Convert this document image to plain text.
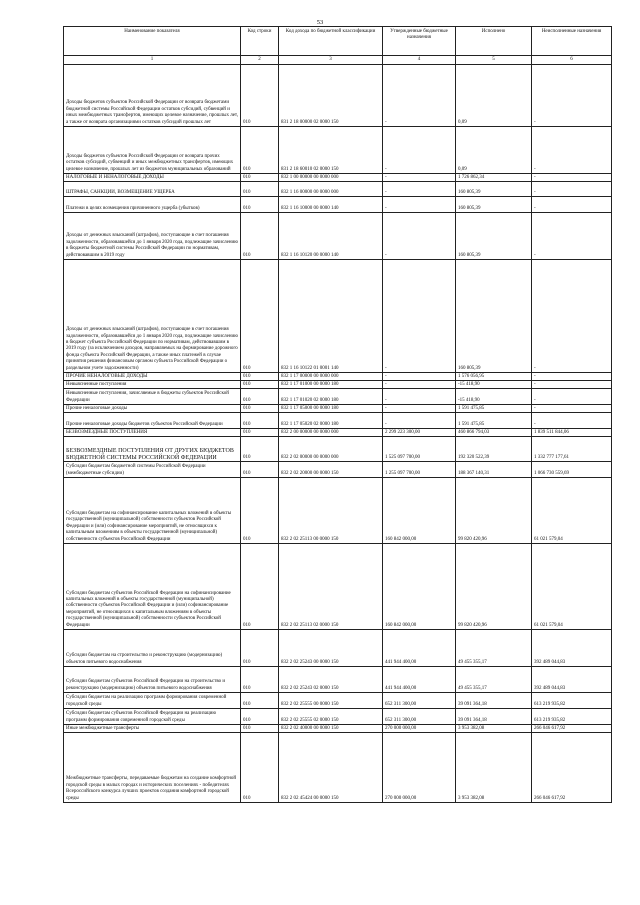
53
Наименование показателя	Код строки	Код дохода по бюджетной классификации	Утвержденные бюджетные назначения	Исполнено	Неисполненные назначения
1	2	3	4	5	6

Доходы бюджетов субъектов Российской Федерации от возврата бюджетами бюджетной системы Российской Федерации остатков субсидий, субвенций и иных межбюджетных трансфертов, имеющих целевое назначение, прошлых лет, а также от возврата организациями остатков субсидий прошлых лет	010	831 2 18 00000 02 0000 150	-	0,09	-

Доходы бюджетов субъектов Российской Федерации от возврата прочих остатков субсидий, субвенций и иных межбюджетных трансфертов, имеющих целевое назначение, прошлых лет из бюджетов муниципальных образований	010	831 2 18 60010 02 0000 150	-	0,09	-

НАЛОГОВЫЕ И НЕНАЛОГОВЫЕ ДОХОДЫ	010	832 1 00 00000 00 0000 000	-	1 726 862,34	-

ШТРАФЫ, САНКЦИИ, ВОЗМЕЩЕНИЕ УЩЕРБА	010	832 1 16 00000 00 0000 000	-	160 805,39	-

Платежи в целях возмещения причиненного ущерба (убытков)	010	832 1 16 10000 00 0000 140	-	160 805,39	-

Доходы от денежных взысканий (штрафов), поступающие в счет погашения задолженности, образовавшейся до 1 января 2020 года, подлежащие зачислению в бюджеты бюджетной системы Российской Федерации по нормативам, действовавшим в 2019 году	010	832 1 16 10120 00 0000 140	-	160 805,39	-

Доходы от денежных взысканий (штрафов), поступающие в счет погашения задолженности, образовавшейся до 1 января 2020 года, подлежащие зачислению в бюджет субъекта Российской Федерации по нормативам, действовавшим в 2019 году (за исключением доходов, направляемых на формирование дорожного фонда субъекта Российской Федерации, а также иных платежей в случае принятия решения финансовым органом субъекта Российской Федерации о раздельном учете задолженности)	010	832 1 16 10122 01 0001 140	-	160 805,39	-

ПРОЧИЕ НЕНАЛОГОВЫЕ ДОХОДЫ	010	832 1 17 00000 00 0000 000	-	1 576 056,95	-

Невыясненные поступления	010	832 1 17 01000 00 0000 180	-	-15 418,90	-

Невыясненные поступления, зачисляемые в бюджеты субъектов Российской Федерации	010	832 1 17 01020 02 0000 180	-	-15 418,90	-

Прочие неналоговые доходы	010	832 1 17 05000 00 0000 180	-	1 591 475,85	-

Прочие неналоговые доходы бюджетов субъектов Российской Федерации	010	832 1 17 05020 02 0000 180	-	1 591 475,85	-

БЕЗВОЗМЕЗДНЫЕ ПОСТУПЛЕНИЯ	010	832 2 00 00000 00 0000 000	2 299 223 300,00	460 866 794,03	1 839 511 844,06

БЕЗВОЗМЕЗДНЫЕ ПОСТУПЛЕНИЯ ОТ ДРУГИХ БЮДЖЕТОВ БЮДЖЕТНОЙ СИСТЕМЫ РОССИЙСКОЙ ФЕДЕРАЦИИ	010	832 2 02 00000 00 0000 000	1 525 097 700,00	192 320 522,39	1 332 777 177,61

Субсидии бюджетам бюджетной системы Российской Федерации (межбюджетные субсидии)	010	832 2 02 20000 00 0000 150	1 255 097 700,00	188 367 140,31	1 066 730 559,69

Субсидии бюджетам на софинансирование капитальных вложений в объекты государственной (муниципальной) собственности субъектов Российской Федерации и (или) софинансирование мероприятий, не относящихся к капитальным вложениям в объекты государственной (муниципальной) собственности субъектов Российской Федерации	010	832 2 02 25113 00 0000 150	160 842 000,00	99 820 420,96	61 021 579,04

Субсидии бюджетам субъектов Российской Федерации на софинансирование капитальных вложений в объекты государственной (муниципальной) собственности субъектов Российской Федерации и (или) софинансирование мероприятий, не относящихся к капитальным вложениям в объекты государственной (муниципальной) собственности субъектов Российской Федерации	010	832 2 02 25113 02 0000 150	160 842 000,00	99 820 420,96	61 021 579,04

Субсидии бюджетам на строительство и реконструкцию (модернизацию) объектов питьевого водоснабжения	010	832 2 02 25243 00 0000 150	441 944 400,00	49 455 355,17	392 489 044,83

Субсидии бюджетам субъектов Российской Федерации на строительство и реконструкцию (модернизацию) объектов питьевого водоснабжения	010	832 2 02 25243 02 0000 150	441 944 400,00	49 455 355,17	392 489 044,83

Субсидии бюджетам на реализацию программ формирования современной городской среды	010	832 2 02 25555 00 0000 150	652 311 300,00	39 091 364,18	613 219 935,82

Субсидии бюджетам субъектов Российской Федерации на реализацию программ формирования современной городской среды	010	832 2 02 25555 02 0000 150	652 311 300,00	39 091 364,18	613 219 935,82

Иные межбюджетные трансферты	010	832 2 02 40000 00 0000 150	270 000 000,00	3 953 382,08	266 046 617,92

Межбюджетные трансферты, передаваемые бюджетам на создание комфортной городской среды в малых городах и исторических поселениях - победителях Всероссийского конкурса лучших проектов создания комфортной городской среды	010	832 2 02 45424 00 0000 150	270 000 000,00	3 953 382,08	266 046 617,92
